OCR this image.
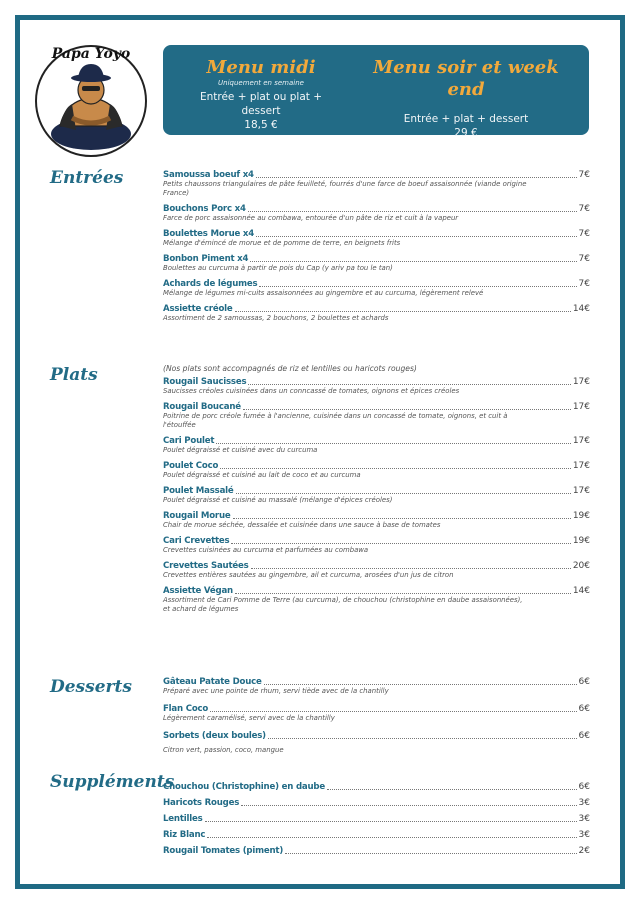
Papa Yoyo
Menu midi
Uniquement en semaine
Entrée + plat ou plat + dessert
18,5 €
Menu soir et week end
Entrée + plat + dessert
29 €
Entrées	Samoussa boeuf x4	7€
Petits chaussons triangulaires de pâte feuilleté, fourrés d'une farce de boeuf assaisonnée (viande origine France)
Bouchons Porc x4	7€
Farce de porc assaisonnée au combawa, entourée d'un pâte de riz et cuit à la vapeur
Boulettes Morue x4	7€
Mélange d'émincé de morue et de pomme de terre, en beignets frits
Bonbon Piment x4	7€
Boulettes au curcuma à partir de pois du Cap (y ariv pa tou le tan)
Achards de légumes	7€
Mélange de légumes mi-cuits assaisonnées au gingembre et au curcuma, légèrement relevé
Assiette créole	14€
Assortiment de 2 samoussas, 2 bouchons, 2 boulettes et achards
Plats	(Nos plats sont accompagnés de riz et lentilles ou haricots rouges)
Rougail Saucisses	17€
Saucisses créoles cuisinées dans un conncassé de tomates, oignons et épices créoles
Rougail Boucané	17€
Poitrine de porc créole fumée à l'ancienne, cuisinée dans un concassé de tomate, oignons, et cuit à l'étouffée
Cari Poulet	17€
Poulet dégraissé et cuisiné avec du curcuma
Poulet Coco	17€
Poulet dégraissé et cuisiné au lait de coco et au curcuma
Poulet Massalé	17€
Poulet dégraissé et cuisiné au massalé (mélange d'épices créoles)
Rougail Morue	19€
Chair de morue séchée, dessalée et cuisinée dans une sauce à base de tomates
Cari Crevettes	19€
Crevettes cuisinées au curcuma et parfumées au combawa
Crevettes Sautées	20€
Crevettes entières sautées au gingembre, ail et curcuma, arosées d'un jus de citron
Assiette Végan	14€
Assortiment de Cari Pomme de Terre (au curcuma), de chouchou (christophine en daube assaisonnées), et achard de légumes
Desserts	Gâteau Patate Douce	6€
Préparé avec une pointe de rhum, servi tiède avec de la chantilly
Flan Coco	6€
Légèrement caramélisé, servi avec de la chantilly
Sorbets (deux boules)	6€
Citron vert, passion, coco, mangue
Suppléments
Chouchou (Christophine) en daube	6€
Haricots Rouges	3€
Lentilles	3€
Riz Blanc	3€
Rougail Tomates (piment)	2€
